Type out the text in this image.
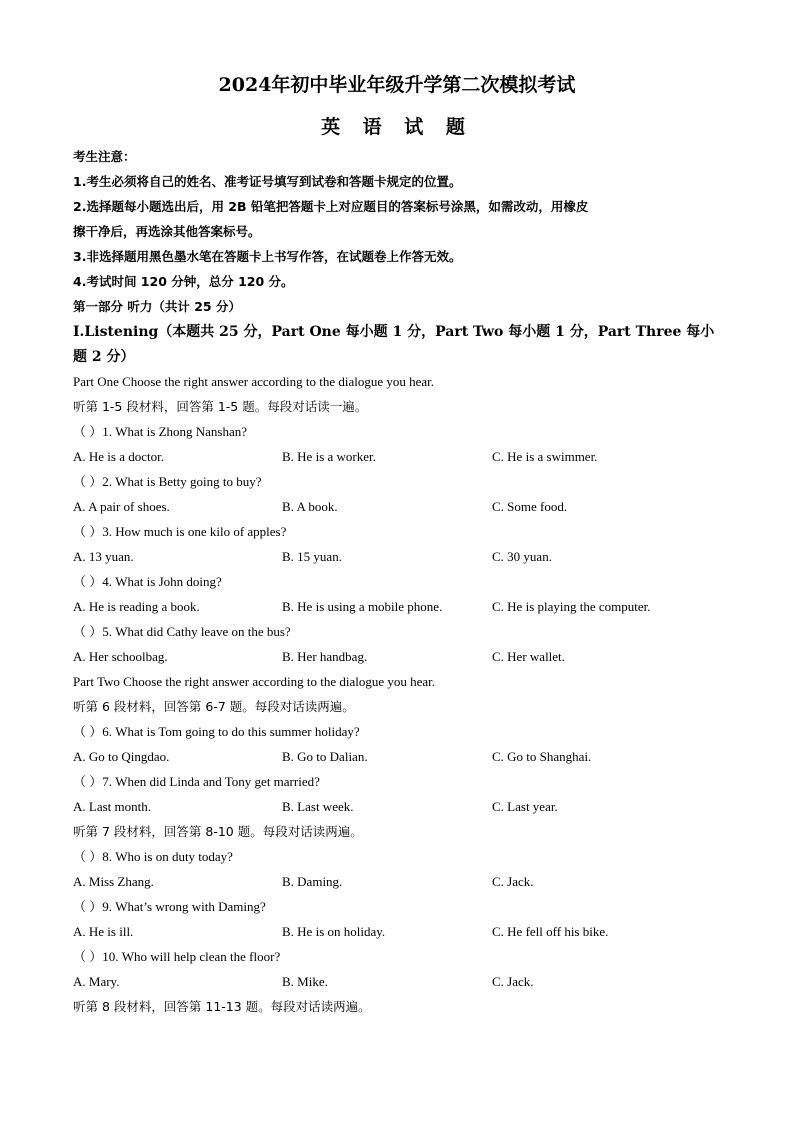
2024年初中毕业年级升学第二次模拟考试
英 语 试 题
考生注意：
1.考生必须将自己的姓名、准考证号填写到试卷和答题卡规定的位置。
2.选择题每小题选出后，用 2B 铅笔把答题卡上对应题目的答案标号涂黑，如需改动，用橡皮
擦干净后，再选涂其他答案标号。
3.非选择题用黑色墨水笔在答题卡上书写作答，在试题卷上作答无效。
4.考试时间 120 分钟，总分 120 分。
第一部分 听力（共计 25 分）
Ⅰ.Listening（本题共 25 分，Part One 每小题 1 分，Part Two 每小题 1 分，Part Three 每小
题 2 分）
Part One Choose the right answer according to the dialogue you hear.
听第 1-5 段材料，回答第 1-5 题。每段对话读一遍。
（ ）1. What is Zhong Nanshan?
A. He is a doctor.	B. He is a worker.	C. He is a swimmer.
（ ）2. What is Betty going to buy?
A. A pair of shoes.	B. A book.	C. Some food.
（ ）3. How much is one kilo of apples?
A. 13 yuan.	B. 15 yuan.	C. 30 yuan.
（ ）4. What is John doing?
A. He is reading a book.	B. He is using a mobile phone.	C. He is playing the computer.
（ ）5. What did Cathy leave on the bus?
A. Her schoolbag.	B. Her handbag.	C. Her wallet.
Part Two Choose the right answer according to the dialogue you hear.
听第 6 段材料，回答第 6-7 题。每段对话读两遍。
（ ）6. What is Tom going to do this summer holiday?
A. Go to Qingdao.	B. Go to Dalian.	C. Go to Shanghai.
（ ）7. When did Linda and Tony get married?
A. Last month.	B. Last week.	C. Last year.
听第 7 段材料，回答第 8-10 题。每段对话读两遍。
（ ）8. Who is on duty today?
A. Miss Zhang.	B. Daming.	C. Jack.
（ ）9. What’s wrong with Daming?
A. He is ill.	B. He is on holiday.	C. He fell off his bike.
（ ）10. Who will help clean the floor?
A. Mary.	B. Mike.	C. Jack.
听第 8 段材料，回答第 11-13 题。每段对话读两遍。
